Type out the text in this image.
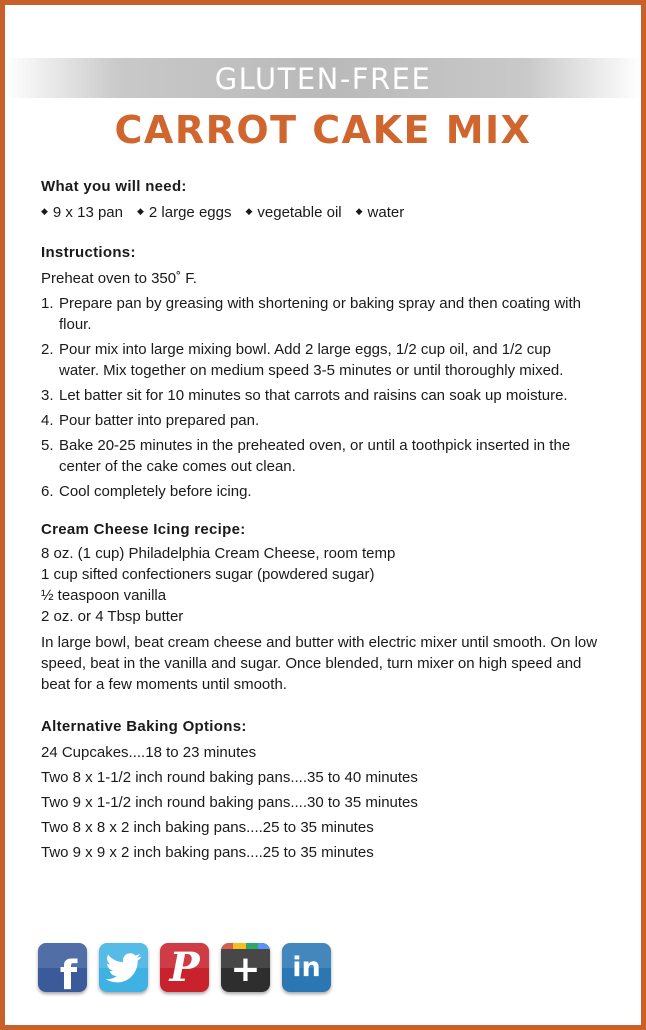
GLUTEN-FREE
CARROT CAKE MIX
What you will need:
◆ 9 x 13 pan ◆ 2 large eggs ◆ vegetable oil ◆ water
Instructions:
Preheat oven to 350˚ F.
1. Prepare pan by greasing with shortening or baking spray and then coating with flour.
2. Pour mix into large mixing bowl. Add 2 large eggs, 1/2 cup oil, and 1/2 cup water. Mix together on medium speed 3-5 minutes or until thoroughly mixed.
3. Let batter sit for 10 minutes so that carrots and raisins can soak up moisture.
4. Pour batter into prepared pan.
5. Bake 20-25 minutes in the preheated oven, or until a toothpick inserted in the center of the cake comes out clean.
6. Cool completely before icing.
Cream Cheese Icing recipe:
8 oz. (1 cup) Philadelphia Cream Cheese, room temp
1 cup sifted confectioners sugar (powdered sugar)
½ teaspoon vanilla
2 oz. or 4 Tbsp butter
In large bowl, beat cream cheese and butter with electric mixer until smooth. On low speed, beat in the vanilla and sugar. Once blended, turn mixer on high speed and beat for a few moments until smooth.
Alternative Baking Options:
24 Cupcakes....18 to 23 minutes
Two 8 x 1-1/2 inch round baking pans....35 to 40 minutes
Two 9 x 1-1/2 inch round baking pans....30 to 35 minutes
Two 8 x 8 x 2 inch baking pans....25 to 35 minutes
Two 9 x 9 x 2 inch baking pans....25 to 35 minutes
f P + in
